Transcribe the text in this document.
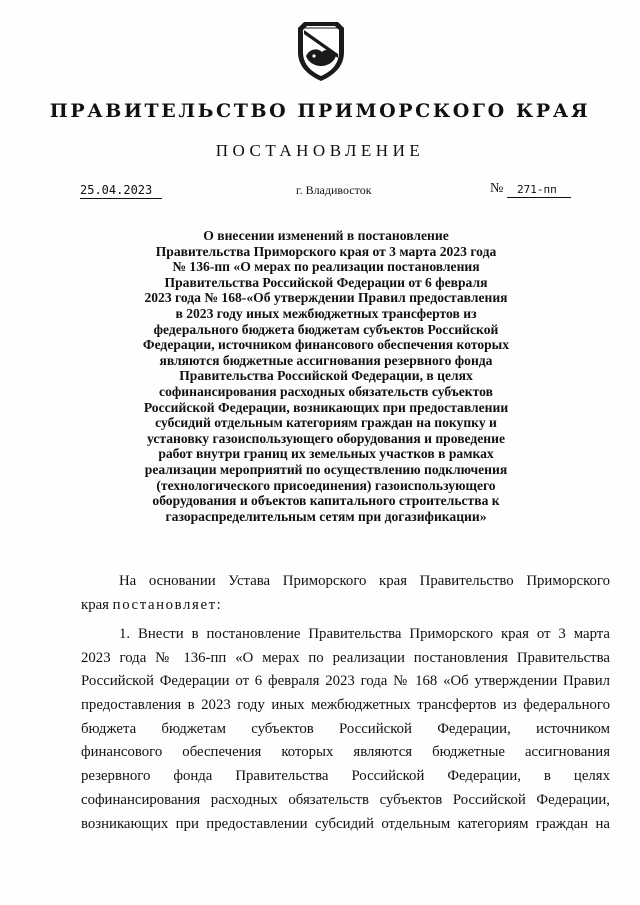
ПРАВИТЕЛЬСТВО ПРИМОРСКОГО КРАЯ
ПОСТАНОВЛЕНИЕ
25.04.2023	г. Владивосток	№	271-пп
О внесении изменений в постановление
Правительства Приморского края от 3 марта 2023 года
№ 136-пп «О мерах по реализации постановления
Правительства Российской Федерации от 6 февраля
2023 года № 168-«Об утверждении Правил предоставления
в 2023 году иных межбюджетных трансфертов из
федерального бюджета бюджетам субъектов Российской
Федерации, источником финансового обеспечения которых
являются бюджетные ассигнования резервного фонда
Правительства Российской Федерации, в целях
софинансирования расходных обязательств субъектов
Российской Федерации, возникающих при предоставлении
субсидий отдельным категориям граждан на покупку и
установку газоиспользующего оборудования и проведение
работ внутри границ их земельных участков в рамках
реализации мероприятий по осуществлению подключения
(технологического присоединения) газоиспользующего
оборудования и объектов капитального строительства к
газораспределительным сетям при догазификации»
На основании Устава Приморского края Правительство Приморского
края постановляет:
1. Внести в постановление Правительства Приморского края от 3 марта
2023 года № 136-пп «О мерах по реализации постановления Правительства
Российской Федерации от 6 февраля 2023 года № 168 «Об утверждении Правил
предоставления в 2023 году иных межбюджетных трансфертов из федерального
бюджета бюджетам субъектов Российской Федерации, источником
финансового обеспечения которых являются бюджетные ассигнования
резервного фонда Правительства Российской Федерации, в целях
софинансирования расходных обязательств субъектов Российской Федерации,
возникающих при предоставлении субсидий отдельным категориям граждан на
